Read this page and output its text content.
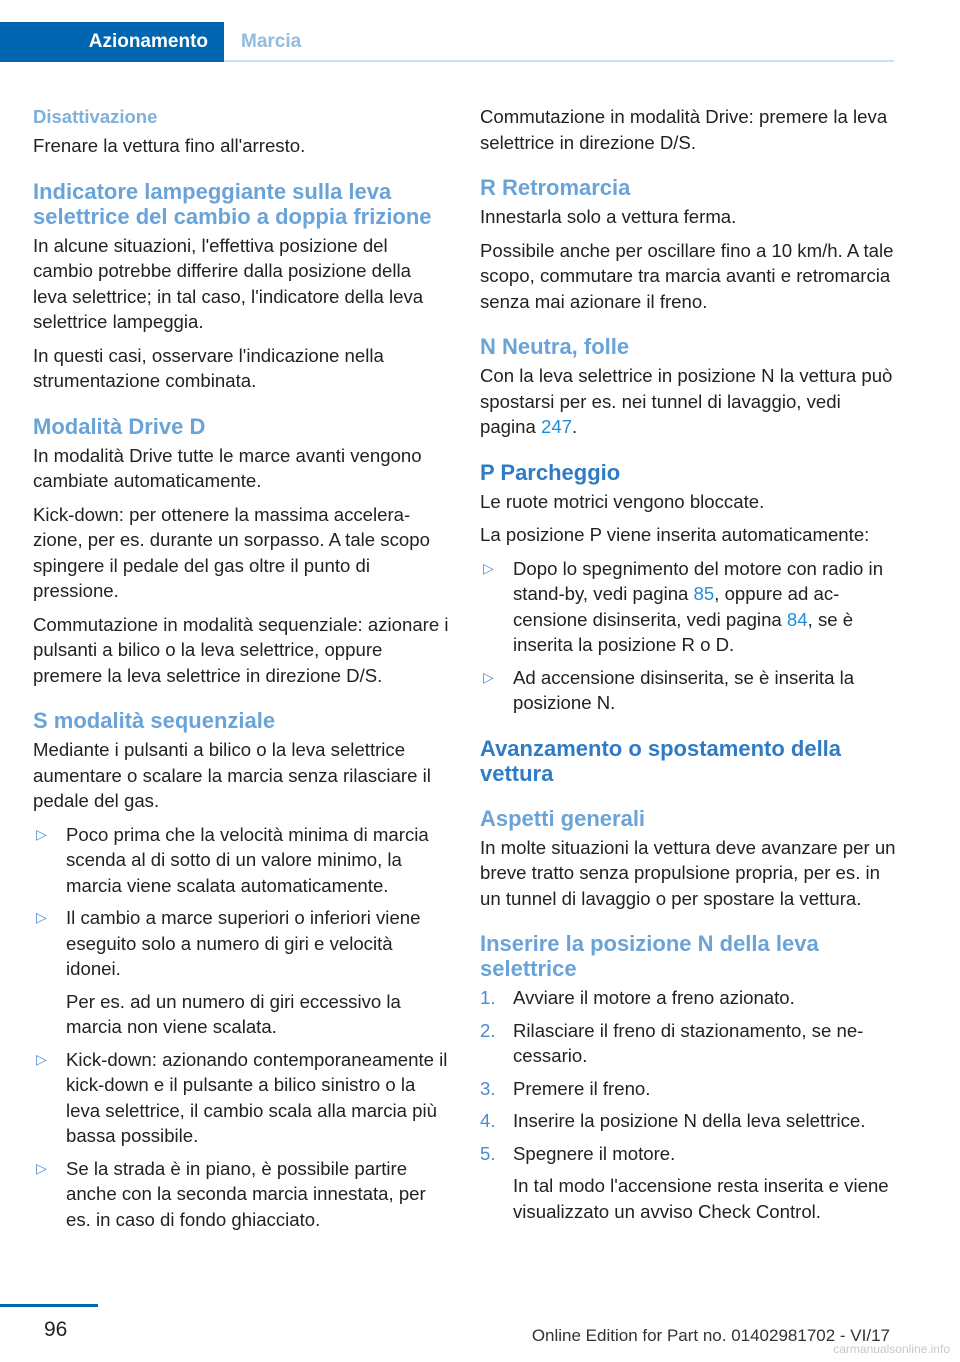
Azionamento Marcia
Disattivazione

Frenare la vettura fino all'arresto.

Indicatore lampeggiante sulla leva selettrice del cambio a doppia frizione

In alcune situazioni, l'effettiva posizione del cambio potrebbe differire dalla posizione della leva selettrice; in tal caso, l'indicatore della leva selettrice lampeggia.

In questi casi, osservare l'indicazione nella strumentazione combinata.

Modalità Drive D

In modalità Drive tutte le marce avanti vengono cambiate automaticamente.

Kick-down: per ottenere la massima accelerazione, per es. durante un sorpasso. A tale scopo spingere il pedale del gas oltre il punto di pressione.

Commutazione in modalità sequenziale: azionare i pulsanti a bilico o la leva selettrice, oppure premere la leva selettrice in direzione D/S.

S modalità sequenziale

Mediante i pulsanti a bilico o la leva selettrice aumentare o scalare la marcia senza rilasciare il pedale del gas.

▷ Poco prima che la velocità minima di marcia scenda al di sotto di un valore minimo, la marcia viene scalata automaticamente.
▷ Il cambio a marce superiori o inferiori viene eseguito solo a numero di giri e velocità idonei.
Per es. ad un numero di giri eccessivo la marcia non viene scalata.
▷ Kick-down: azionando contemporaneamente il kick-down e il pulsante a bilico sinistro o la leva selettrice, il cambio scala alla marcia più bassa possibile.
▷ Se la strada è in piano, è possibile partire anche con la seconda marcia innestata, per es. in caso di fondo ghiacciato.

Commutazione in modalità Drive: premere la leva selettrice in direzione D/S.

R Retromarcia

Innestarla solo a vettura ferma.

Possibile anche per oscillare fino a 10 km/h. A tale scopo, commutare tra marcia avanti e retromarcia senza mai azionare il freno.

N Neutra, folle

Con la leva selettrice in posizione N la vettura può spostarsi per es. nei tunnel di lavaggio, vedi pagina 247.

P Parcheggio

Le ruote motrici vengono bloccate.

La posizione P viene inserita automaticamente:

▷ Dopo lo spegnimento del motore con radio in stand-by, vedi pagina 85, oppure ad accensione disinserita, vedi pagina 84, se è inserita la posizione R o D.
▷ Ad accensione disinserita, se è inserita la posizione N.
Avanzamento o spostamento della vettura
Aspetti generali

In molte situazioni la vettura deve avanzare per un breve tratto senza propulsione propria, per es. in un tunnel di lavaggio o per spostare la vettura.

Inserire la posizione N della leva selettrice
1. Avviare il motore a freno azionato.
2. Rilasciare il freno di stazionamento, se necessario.
3. Premere il freno.
4. Inserire la posizione N della leva selettrice.
5. Spegnere il motore.
In tal modo l'accensione resta inserita e viene visualizzato un avviso Check Control.
96	Online Edition for Part no. 01402981702 - VI/17
carmanualsonline.info
